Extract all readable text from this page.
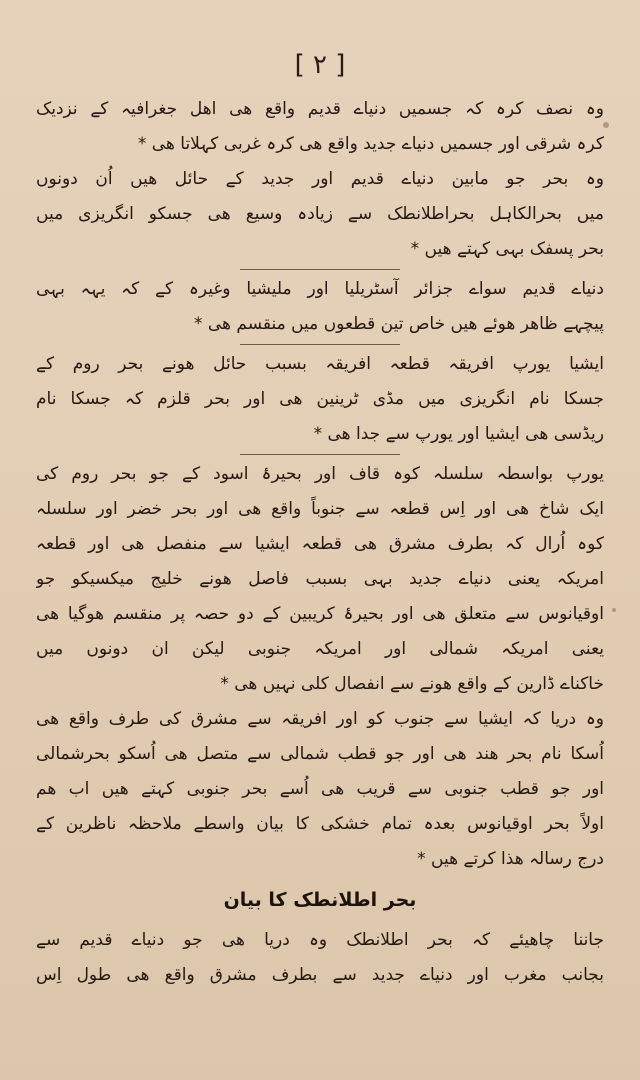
[ ۲ ]
وہ نصف کرہ کہ جسمیں دنیاے قدیم واقع ھی اھل جغرافیہ کے نزدیک
کرہ شرقی اور جسمیں دنیاے جدید واقع ھی کرہ غربی کہلاتا ھی *
وہ بحر جو مابین دنیاے قدیم اور جدید کے حائل ھیں اُن دونوں
میں بحرالکاہل بحراطلانطک سے زیادہ وسیع ھی جسکو انگریزی میں
بحر پسفک بہی کہتے ھیں *
دنیاے قدیم سواے جزائر آسٹریلیا اور ملیشیا وغیرہ کے کہ یہہ بہی
پیچہے ظاھر ھوئے ھیں خاص تین قطعوں میں منقسم ھی *
ایشیا یورپ افریقہ قطعہ افریقہ بسبب حائل ھونے بحر روم کے
جسکا نام انگریزی میں مڈی ٹرینین ھی اور بحر قلزم کہ جسکا نام
ریڈسی ھی ایشیا اور یورپ سے جدا ھی *
یورپ بواسطہ سلسلہ کوہ قاف اور بحیرۂ اسود کے جو بحر روم کی
ایک شاخ ھی اور اِس قطعہ سے جنوباً واقع ھی اور بحر خضر اور سلسلہ
کوہ اُرال کہ بطرف مشرق ھی قطعہ ایشیا سے منفصل ھی اور قطعہ
امریکہ یعنی دنیاے جدید بہی بسبب فاصل ھونے خلیج میکسیکو جو
اوقیانوس سے متعلق ھی اور بحیرۂ کریبین کے دو حصہ پر منقسم ھوگیا ھی
یعنی امریکہ شمالی اور امریکہ جنوبی لیکن ان دونوں میں
خاکناے ڈارین کے واقع ھونے سے انفصال کلی نہیں ھی *
وہ دریا کہ ایشیا سے جنوب کو اور افریقہ سے مشرق کی طرف واقع ھی
اُسکا نام بحر ھند ھی اور جو قطب شمالی سے متصل ھی اُسکو بحرشمالی
اور جو قطب جنوبی سے قریب ھی اُسے بحر جنوبی کہتے ھیں اب ھم
اولاً بحر اوقیانوس بعدہ تمام خشکی کا بیان واسطے ملاحظہ ناظرین کے
درج رسالہ ھذا کرتے ھیں *
بحر اطلانطک کا بیان
جاننا چاھیئے کہ بحر اطلانطک وہ دریا ھی جو دنیاے قدیم سے
بجانب مغرب اور دنیاے جدید سے بطرف مشرق واقع ھی طول اِس
